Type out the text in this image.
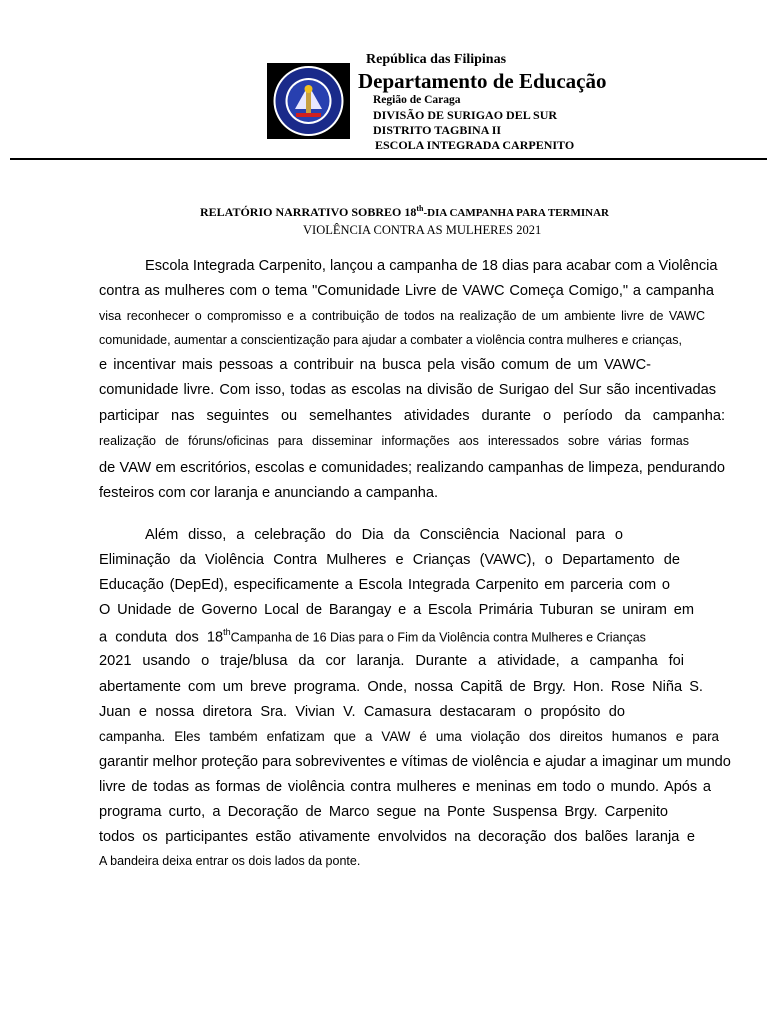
República das Filipinas
Departamento de Educação
Região de Caraga
DIVISÃO DE SURIGAO DEL SUR
DISTRITO TAGBINA II
ESCOLA INTEGRADA CARPENITO
RELATÓRIO NARRATIVO SOBREO 18th-DIA CAMPANHA PARA TERMINAR
VIOLÊNCIA CONTRA AS MULHERES 2021
Escola Integrada Carpenito, lançou a campanha de 18 dias para acabar com a Violência
contra as mulheres com o tema "Comunidade Livre de VAWC Começa Comigo," a campanha
visa reconhecer o compromisso e a contribuição de todos na realização de um ambiente livre de VAWC
comunidade, aumentar a conscientização para ajudar a combater a violência contra mulheres e crianças,
e incentivar mais pessoas a contribuir na busca pela visão comum de um VAWC-
comunidade livre. Com isso, todas as escolas na divisão de Surigao del Sur são incentivadas
participar nas seguintes ou semelhantes atividades durante o período da campanha:
realização de fóruns/oficinas para disseminar informações aos interessados sobre várias formas
de VAW em escritórios, escolas e comunidades; realizando campanhas de limpeza, pendurando
festeiros com cor laranja e anunciando a campanha.
Além disso, a celebração do Dia da Consciência Nacional para o
Eliminação da Violência Contra Mulheres e Crianças (VAWC), o Departamento de
Educação (DepEd), especificamente a Escola Integrada Carpenito em parceria com o
O Unidade de Governo Local de Barangay e a Escola Primária Tuburan se uniram em
a  conduta  dos  18thCampanha de 16 Dias para o Fim da Violência contra Mulheres e Crianças
2021 usando o traje/blusa da cor laranja. Durante a atividade, a campanha foi
abertamente com um breve programa. Onde, nossa Capitã de Brgy. Hon. Rose Niña S.
Juan e nossa diretora Sra. Vivian V. Camasura destacaram o propósito do
campanha. Eles também enfatizam que a VAW é uma violação dos direitos humanos e para
garantir melhor proteção para sobreviventes e vítimas de violência e ajudar a imaginar um mundo
livre de todas as formas de violência contra mulheres e meninas em todo o mundo. Após a
programa curto, a Decoração de Marco segue na Ponte Suspensa Brgy. Carpenito
todos os participantes estão ativamente envolvidos na decoração dos balões laranja e
A bandeira deixa entrar os dois lados da ponte.
